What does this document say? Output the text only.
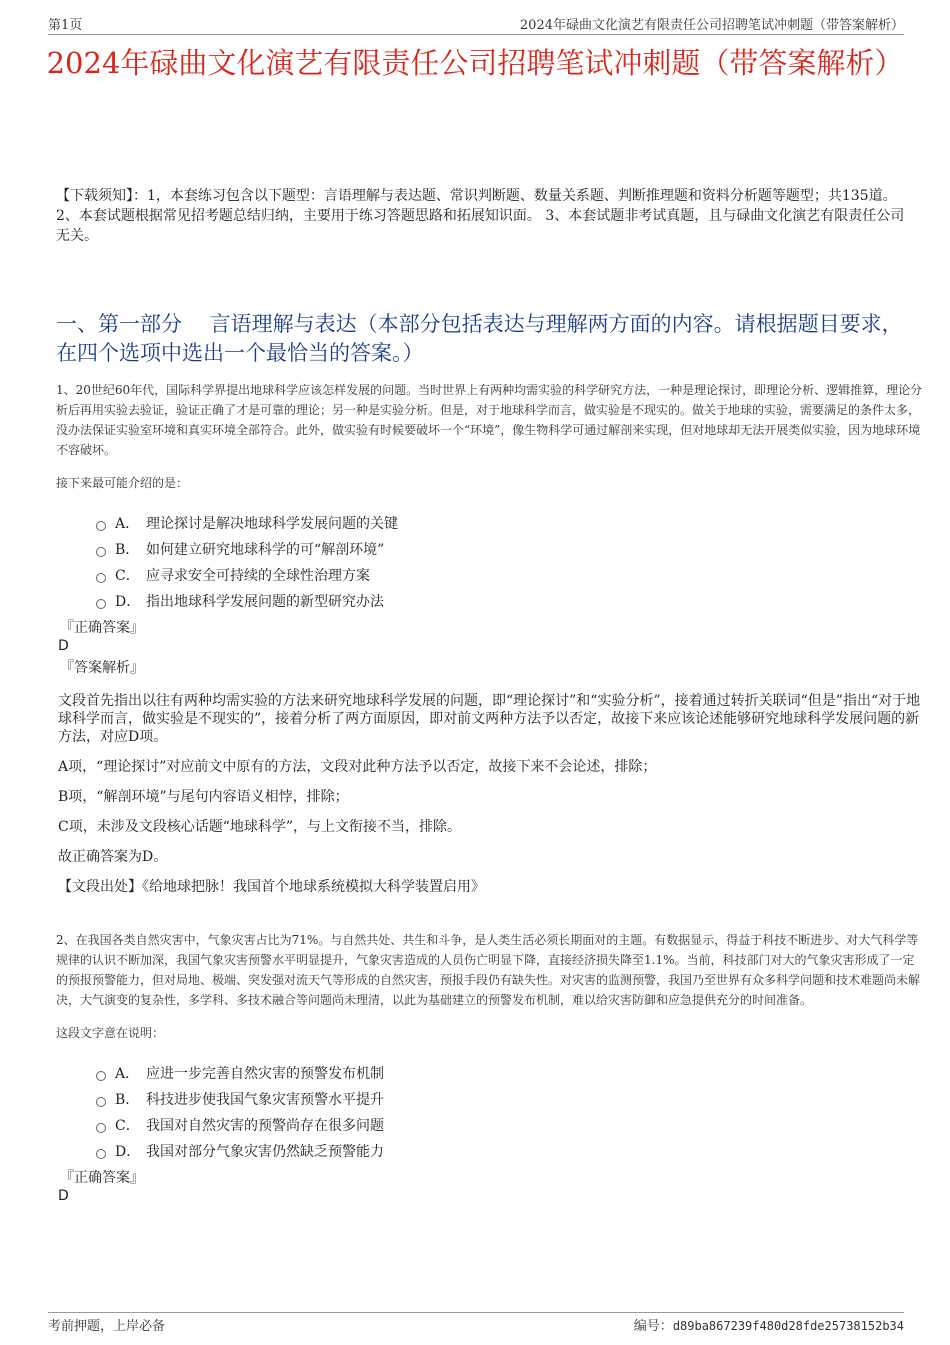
第1页	2024年碌曲文化演艺有限责任公司招聘笔试冲刺题（带答案解析）
2024年碌曲文化演艺有限责任公司招聘笔试冲刺题（带答案解析）
【下载须知】：1，本套练习包含以下题型：言语理解与表达题、常识判断题、数量关系题、判断推理题和资料分析题等题型；共135道。 2、本套试题根据常见招考题总结归纳，主要用于练习答题思路和拓展知识面。 3、本套试题非考试真题，且与碌曲文化演艺有限责任公司无关。
一、第一部分　 言语理解与表达（本部分包括表达与理解两方面的内容。请根据题目要求，在四个选项中选出一个最恰当的答案。）
1、20世纪60年代，国际科学界提出地球科学应该怎样发展的问题。当时世界上有两种均需实验的科学研究方法，一种是理论探讨，即理论分析、逻辑推算，理论分析后再用实验去验证，验证正确了才是可靠的理论；另一种是实验分析。但是，对于地球科学而言，做实验是不现实的。做关于地球的实验，需要满足的条件太多，没办法保证实验室环境和真实环境全部符合。此外，做实验有时候要破坏一个“环境”，像生物科学可通过解剖来实现，但对地球却无法开展类似实验，因为地球环境不容破坏。
接下来最可能介绍的是：
A． 理论探讨是解决地球科学发展问题的关键
B． 如何建立研究地球科学的可“解剖环境”
C． 应寻求安全可持续的全球性治理方案
D． 指出地球科学发展问题的新型研究办法
『正确答案』
D
『答案解析』
文段首先指出以往有两种均需实验的方法来研究地球科学发展的问题，即“理论探讨”和“实验分析”，接着通过转折关联词“但是”指出“对于地球科学而言，做实验是不现实的”，接着分析了两方面原因，即对前文两种方法予以否定，故接下来应该论述能够研究地球科学发展问题的新方法，对应D项。
A项，“理论探讨”对应前文中原有的方法，文段对此种方法予以否定，故接下来不会论述，排除；
B项，“解剖环境”与尾句内容语义相悖，排除；
C项，未涉及文段核心话题“地球科学”，与上文衔接不当，排除。
故正确答案为D。
【文段出处】《给地球把脉！我国首个地球系统模拟大科学装置启用》
2、在我国各类自然灾害中，气象灾害占比为71%。与自然共处、共生和斗争，是人类生活必须长期面对的主题。有数据显示，得益于科技不断进步、对大气科学等规律的认识不断加深，我国气象灾害预警水平明显提升，气象灾害造成的人员伤亡明显下降，直接经济损失降至1.1%。当前，科技部门对大的气象灾害形成了一定的预报预警能力，但对局地、极端、突发强对流天气等形成的自然灾害，预报手段仍有缺失性。对灾害的监测预警，我国乃至世界有众多科学问题和技术难题尚未解决，大气演变的复杂性，多学科、多技术融合等问题尚未理清，以此为基础建立的预警发布机制，难以给灾害防御和应急提供充分的时间准备。
这段文字意在说明：
A． 应进一步完善自然灾害的预警发布机制
B． 科技进步使我国气象灾害预警水平提升
C． 我国对自然灾害的预警尚存在很多问题
D． 我国对部分气象灾害仍然缺乏预警能力
『正确答案』
D
考前押题，上岸必备	编号：d89ba867239f480d28fde25738152b34
